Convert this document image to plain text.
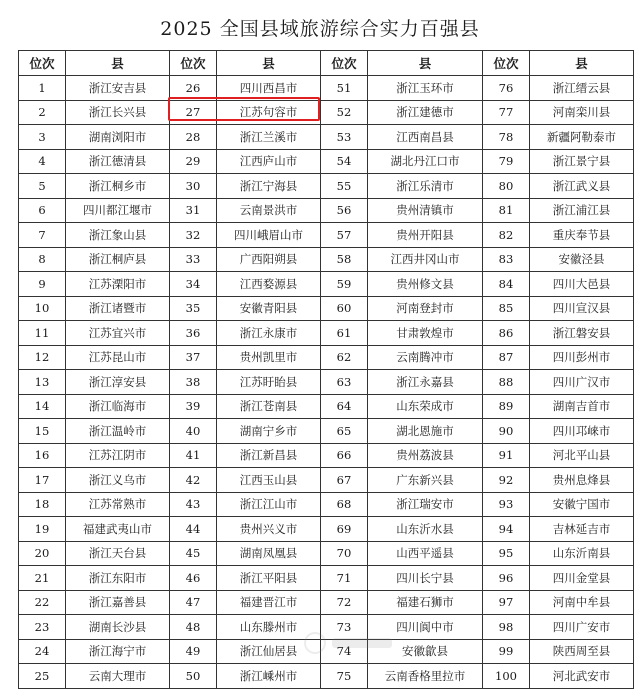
2025 全国县域旅游综合实力百强县
位次	县	位次	县	位次	县	位次	县
1	浙江安吉县	26	四川西昌市	51	浙江玉环市	76	浙江缙云县
2	浙江长兴县	27	江苏句容市	52	浙江建德市	77	河南栾川县
3	湖南浏阳市	28	浙江兰溪市	53	江西南昌县	78	新疆阿勒泰市
4	浙江德清县	29	江西庐山市	54	湖北丹江口市	79	浙江景宁县
5	浙江桐乡市	30	浙江宁海县	55	浙江乐清市	80	浙江武义县
6	四川都江堰市	31	云南景洪市	56	贵州清镇市	81	浙江浦江县
7	浙江象山县	32	四川峨眉山市	57	贵州开阳县	82	重庆奉节县
8	浙江桐庐县	33	广西阳朔县	58	江西井冈山市	83	安徽泾县
9	江苏溧阳市	34	江西婺源县	59	贵州修文县	84	四川大邑县
10	浙江诸暨市	35	安徽青阳县	60	河南登封市	85	四川宣汉县
11	江苏宜兴市	36	浙江永康市	61	甘肃敦煌市	86	浙江磐安县
12	江苏昆山市	37	贵州凯里市	62	云南腾冲市	87	四川彭州市
13	浙江淳安县	38	江苏盱眙县	63	浙江永嘉县	88	四川广汉市
14	浙江临海市	39	浙江苍南县	64	山东荣成市	89	湖南吉首市
15	浙江温岭市	40	湖南宁乡市	65	湖北恩施市	90	四川邛崃市
16	江苏江阴市	41	浙江新昌县	66	贵州荔波县	91	河北平山县
17	浙江义乌市	42	江西玉山县	67	广东新兴县	92	贵州息烽县
18	江苏常熟市	43	浙江江山市	68	浙江瑞安市	93	安徽宁国市
19	福建武夷山市	44	贵州兴义市	69	山东沂水县	94	吉林延吉市
20	浙江天台县	45	湖南凤凰县	70	山西平遥县	95	山东沂南县
21	浙江东阳市	46	浙江平阳县	71	四川长宁县	96	四川金堂县
22	浙江嘉善县	47	福建晋江市	72	福建石狮市	97	河南中牟县
23	湖南长沙县	48	山东滕州市	73	四川阆中市	98	四川广安市
24	浙江海宁市	49	浙江仙居县	74	安徽歙县	99	陕西周至县
25	云南大理市	50	浙江嵊州市	75	云南香格里拉市	100	河北武安市
